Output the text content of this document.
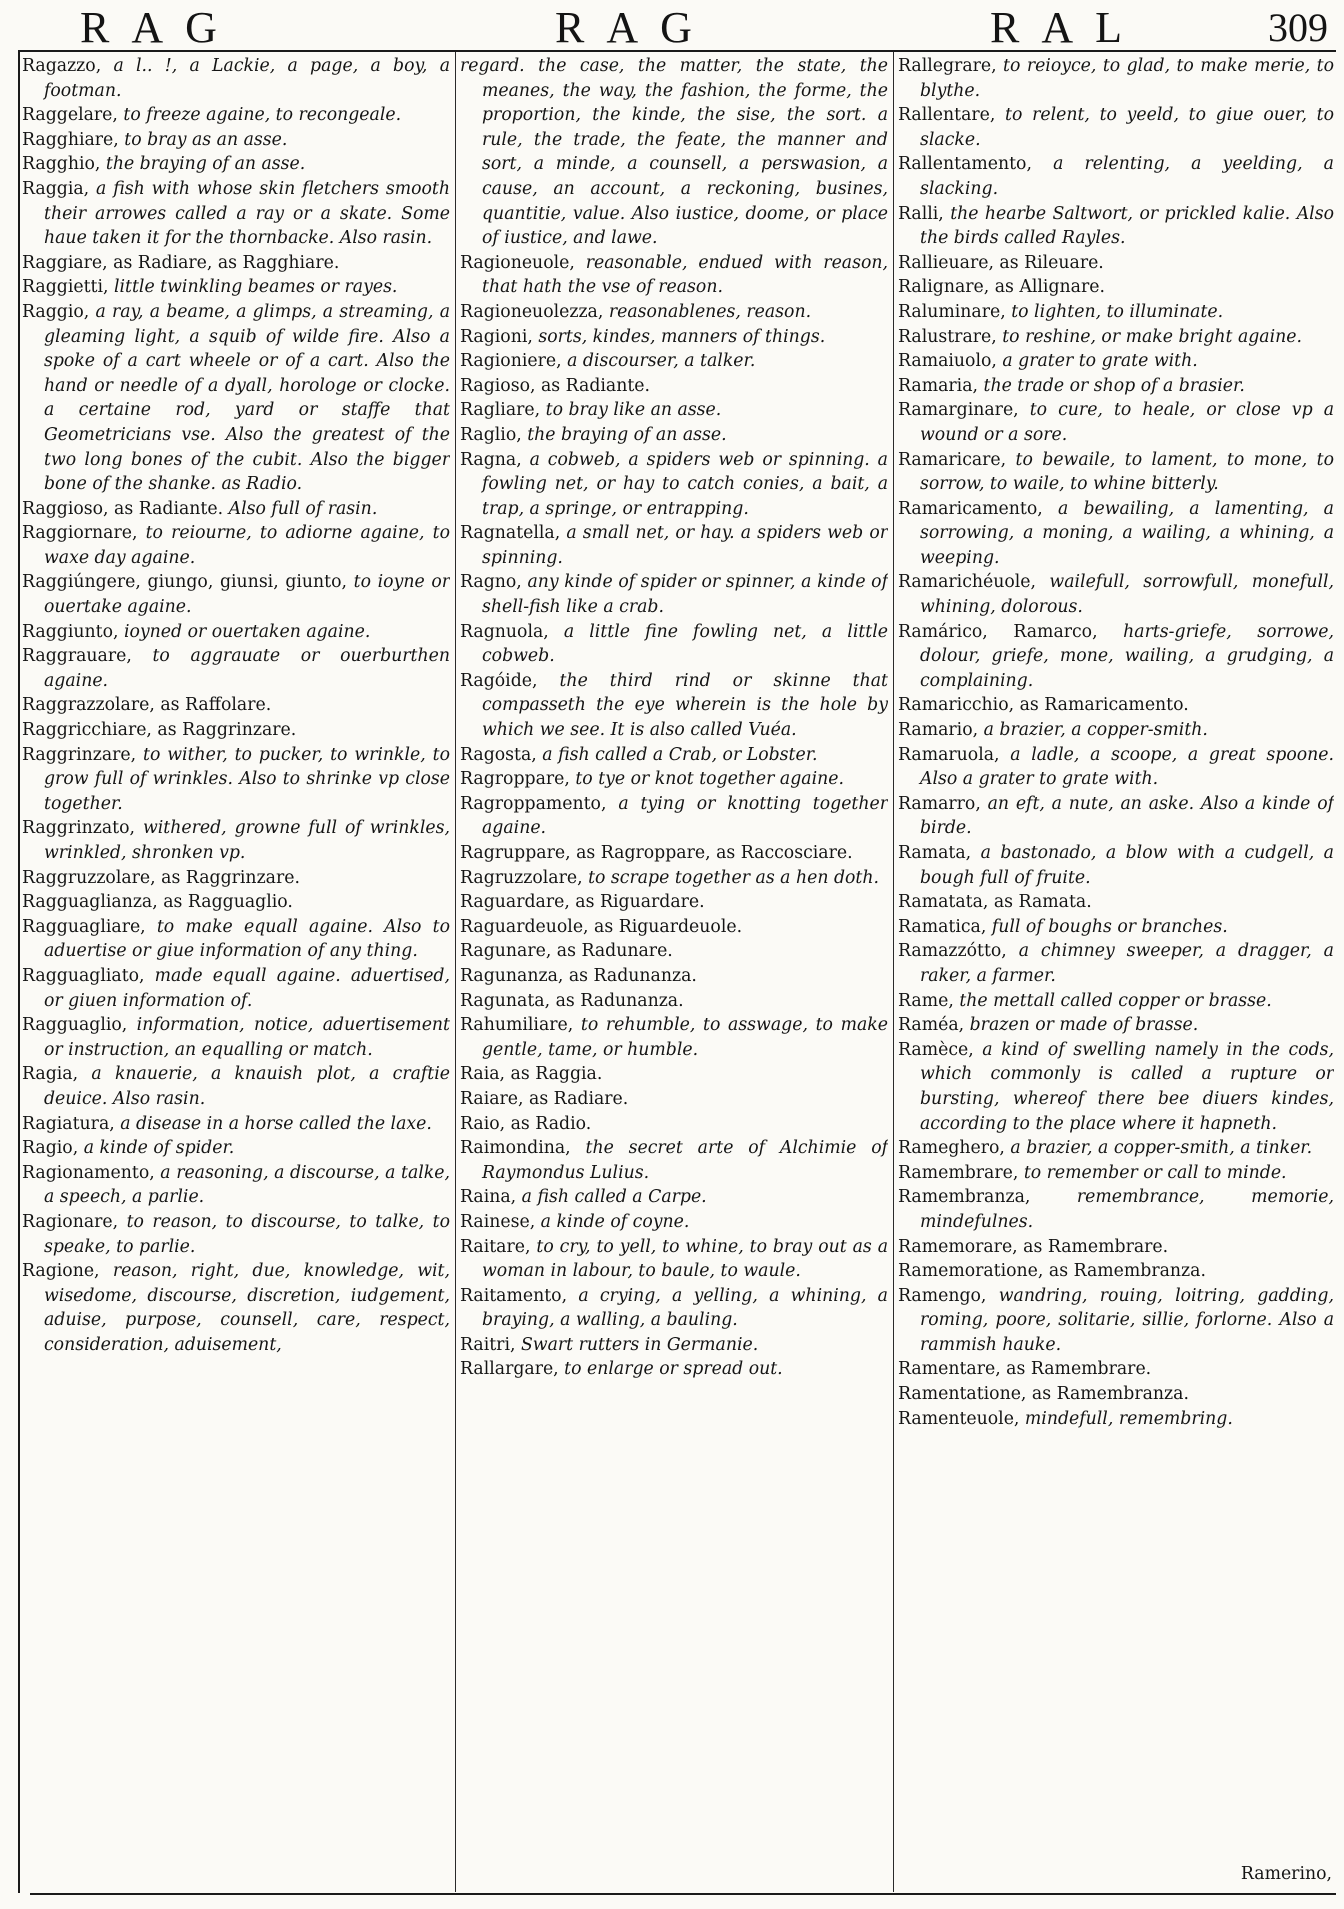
RAG	RAG	RAL	309

Ragazzo, a l.. !, a Lackie, a page, a boy, a footman.

Raggelare, to freeze againe, to recongeale.

Ragghiare, to bray as an asse.

Ragghio, the braying of an asse.

Raggia, a fish with whose skin fletchers smooth their arrowes called a ray or a skate. Some haue taken it for the thornbacke. Also rasin.

Raggiare, as Radiare, as Ragghiare.

Raggietti, little twinkling beames or rayes.

Raggio, a ray, a beame, a glimps, a streaming, a gleaming light, a squib of wilde fire. Also a spoke of a cart wheele or of a cart. Also the hand or needle of a dyall, horologe or clocke. a certaine rod, yard or staffe that Geometricians vse. Also the greatest of the two long bones of the cubit. Also the bigger bone of the shanke. as Radio.

Raggioso, as Radiante. Also full of rasin.

Raggiornare, to reiourne, to adiorne againe, to waxe day againe.

Raggiúngere, giungo, giunsi, giunto, to ioyne or ouertake againe.

Raggiunto, ioyned or ouertaken againe.

Raggrauare, to aggrauate or ouerburthen againe.

Raggrazzolare, as Raffolare.

Raggricchiare, as Raggrinzare.

Raggrinzare, to wither, to pucker, to wrinkle, to grow full of wrinkles. Also to shrinke vp close together.

Raggrinzato, withered, growne full of wrinkles, wrinkled, shronken vp.

Raggruzzolare, as Raggrinzare.

Ragguaglianza, as Ragguaglio.

Ragguagliare, to make equall againe. Also to aduertise or giue information of any thing.

Ragguagliato, made equall againe. aduertised, or giuen information of.

Ragguaglio, information, notice, aduertisement or instruction, an equalling or match.

Ragia, a knauerie, a knauish plot, a craftie deuice. Also rasin.

Ragiatura, a disease in a horse called the laxe.

Ragio, a kinde of spider.

Ragionamento, a reasoning, a discourse, a talke, a speech, a parlie.

Ragionare, to reason, to discourse, to talke, to speake, to parlie.

Ragione, reason, right, due, knowledge, wit, wisedome, discourse, discretion, iudgement, aduise, purpose, counsell, care, respect, consideration, aduisement,

regard. the case, the matter, the state, the meanes, the way, the fashion, the forme, the proportion, the kinde, the sise, the sort. a rule, the trade, the feate, the manner and sort, a minde, a counsell, a perswasion, a cause, an account, a reckoning, busines, quantitie, value. Also iustice, doome, or place of iustice, and lawe.

Ragioneuole, reasonable, endued with reason, that hath the vse of reason.

Ragioneuolezza, reasonablenes, reason.

Ragioni, sorts, kindes, manners of things.

Ragioniere, a discourser, a talker.

Ragioso, as Radiante.

Ragliare, to bray like an asse.

Raglio, the braying of an asse.

Ragna, a cobweb, a spiders web or spinning. a fowling net, or hay to catch conies, a bait, a trap, a springe, or entrapping.

Ragnatella, a small net, or hay. a spiders web or spinning.

Ragno, any kinde of spider or spinner, a kinde of shell-fish like a crab.

Ragnuola, a little fine fowling net, a little cobweb.

Ragóide, the third rind or skinne that compasseth the eye wherein is the hole by which we see. It is also called Vuéa.

Ragosta, a fish called a Crab, or Lobster.

Ragroppare, to tye or knot together againe.

Ragroppamento, a tying or knotting together againe.

Ragruppare, as Ragroppare, as Raccosciare.

Ragruzzolare, to scrape together as a hen doth.

Raguardare, as Riguardare.

Raguardeuole, as Riguardeuole.

Ragunare, as Radunare.

Ragunanza, as Radunanza.

Ragunata, as Radunanza.

Rahumiliare, to rehumble, to asswage, to make gentle, tame, or humble.

Raia, as Raggia.

Raiare, as Radiare.

Raio, as Radio.

Raimondina, the secret arte of Alchimie of Raymondus Lulius.

Raina, a fish called a Carpe.

Rainese, a kinde of coyne.

Raitare, to cry, to yell, to whine, to bray out as a woman in labour, to baule, to waule.

Raitamento, a crying, a yelling, a whining, a braying, a walling, a bauling.

Raitri, Swart rutters in Germanie.

Rallargare, to enlarge or spread out.

Rallegrare, to reioyce, to glad, to make merie, to blythe.

Rallentare, to relent, to yeeld, to giue ouer, to slacke.

Rallentamento, a relenting, a yeelding, a slacking.

Ralli, the hearbe Saltwort, or prickled kalie. Also the birds called Rayles.

Rallieuare, as Rileuare.

Ralignare, as Allignare.

Raluminare, to lighten, to illuminate.

Ralustrare, to reshine, or make bright againe.

Ramaiuolo, a grater to grate with.

Ramaria, the trade or shop of a brasier.

Ramarginare, to cure, to heale, or close vp a wound or a sore.

Ramaricare, to bewaile, to lament, to mone, to sorrow, to waile, to whine bitterly.

Ramaricamento, a bewailing, a lamenting, a sorrowing, a moning, a wailing, a whining, a weeping.

Ramarichéuole, wailefull, sorrowfull, monefull, whining, dolorous.

Ramárico, Ramarco, harts-griefe, sorrowe, dolour, griefe, mone, wailing, a grudging, a complaining.

Ramaricchio, as Ramaricamento.

Ramario, a brazier, a copper-smith.

Ramaruola, a ladle, a scoope, a great spoone. Also a grater to grate with.

Ramarro, an eft, a nute, an aske. Also a kinde of birde.

Ramata, a bastonado, a blow with a cudgell, a bough full of fruite.

Ramatata, as Ramata.

Ramatica, full of boughs or branches.

Ramazzótto, a chimney sweeper, a dragger, a raker, a farmer.

Rame, the mettall called copper or brasse.

Raméa, brazen or made of brasse.

Ramèce, a kind of swelling namely in the cods, which commonly is called a rupture or bursting, whereof there bee diuers kindes, according to the place where it hapneth.

Rameghero, a brazier, a copper-smith, a tinker.

Ramembrare, to remember or call to minde.

Ramembranza, remembrance, memorie, mindefulnes.

Ramemorare, as Ramembrare.

Ramemoratione, as Ramembranza.

Ramengo, wandring, rouing, loitring, gadding, roming, poore, solitarie, sillie, forlorne. Also a rammish hauke.

Ramentare, as Ramembrare.

Ramentatione, as Ramembranza.

Ramenteuole, mindefull, remembring.

Ramerino,
